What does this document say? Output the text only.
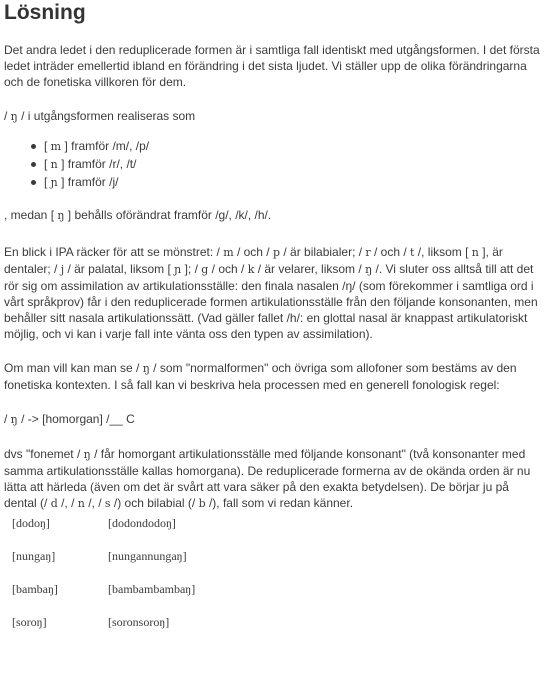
Lösning

Det andra ledet i den reduplicerade formen är i samtliga fall identiskt med utgångsformen. I det första ledet inträder emellertid ibland en förändring i det sista ljudet. Vi ställer upp de olika förändringarna och de fonetiska villkoren för dem.

/ ŋ / i utgångsformen realiseras som

[ m ] framför /m/, /p/
[ n ] framför /r/, /t/
[ ɲ ] framför /j/

, medan [ ŋ ] behålls oförändrat framför /g/, /k/, /h/.

En blick i IPA räcker för att se mönstret: / m / och / p / är bilabialer; / r / och / t /, liksom [ n ], är dentaler; / j / är palatal, liksom [ ɲ ]; / g / och / k / är velarer, liksom / ŋ /. Vi sluter oss alltså till att det rör sig om assimilation av artikulationsställe: den finala nasalen /ŋ/ (som förekommer i samtliga ord i vårt språkprov) får i den reduplicerade formen artikulationsställe från den följande konsonanten, men behåller sitt nasala artikulationssätt. (Vad gäller fallet /h/: en glottal nasal är knappast artikulatoriskt möjlig, och vi kan i varje fall inte vänta oss den typen av assimilation).

Om man vill kan man se / ŋ / som "normalformen" och övriga som allofoner som bestäms av den fonetiska kontexten. I så fall kan vi beskriva hela processen med en generell fonologisk regel:

/ ŋ / -> [homorgan] /__ C

dvs "fonemet / ŋ / får homorgant artikulationsställe med följande konsonant" (två konsonanter med samma artikulationsställe kallas homorgana). De reduplicerade formerna av de okända orden är nu lätta att härleda (även om det är svårt att vara säker på den exakta betydelsen). De börjar ju på dental (/ d /, / n /, / s /) och bilabial (/ b /), fall som vi redan känner.

[dodoŋ]	[dodondodoŋ]
[nungaŋ]	[nungannungaŋ]
[bambaŋ]	[bambambambaŋ]
[soroŋ]	[soronsoroŋ]
